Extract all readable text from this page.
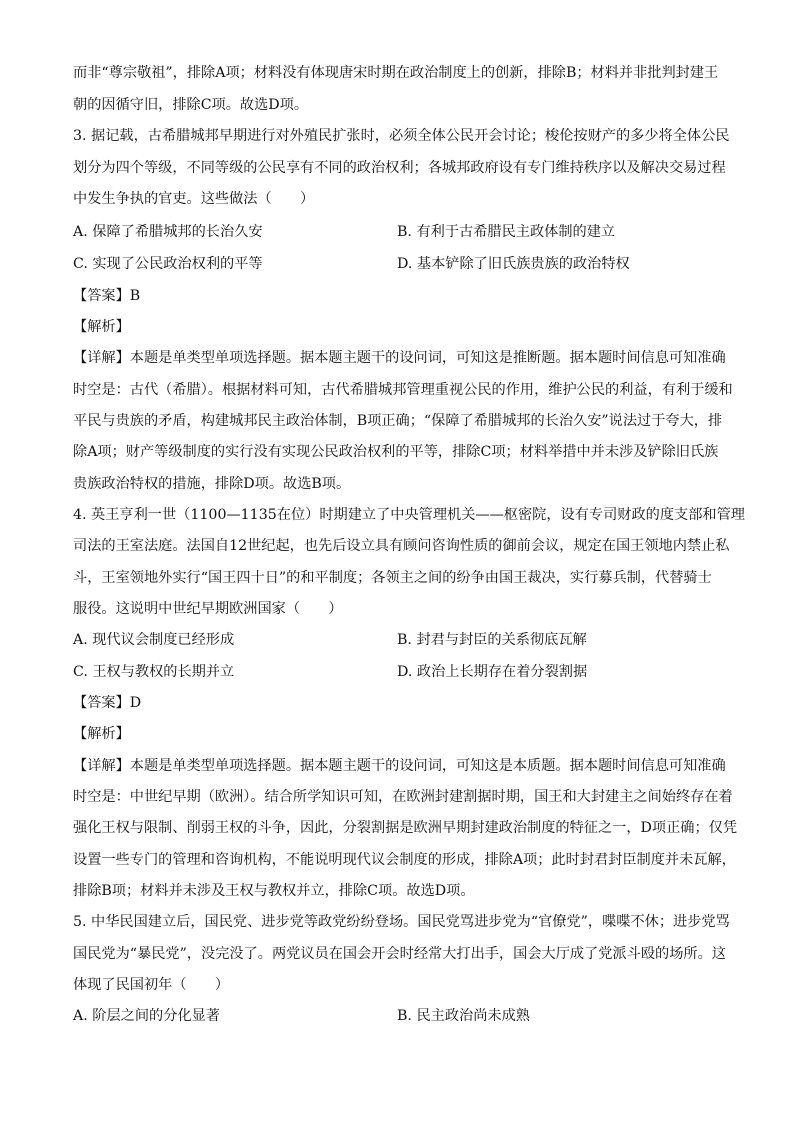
而非“尊宗敬祖”，排除A项；材料没有体现唐宋时期在政治制度上的创新，排除B；材料并非批判封建王
朝的因循守旧，排除C项。故选D项。
3. 据记载，古希腊城邦早期进行对外殖民扩张时，必须全体公民开会讨论；梭伦按财产的多少将全体公民
划分为四个等级，不同等级的公民享有不同的政治权利；各城邦政府设有专门维持秩序以及解决交易过程
中发生争执的官吏。这些做法（　　）
A. 保障了希腊城邦的长治久安	B. 有利于古希腊民主政体制的建立
C. 实现了公民政治权利的平等	D. 基本铲除了旧氏族贵族的政治特权
【答案】B
【解析】
【详解】本题是单类型单项选择题。据本题主题干的设问词，可知这是推断题。据本题时间信息可知准确
时空是：古代（希腊）。根据材料可知，古代希腊城邦管理重视公民的作用，维护公民的利益，有利于缓和
平民与贵族的矛盾，构建城邦民主政治体制，B项正确；“保障了希腊城邦的长治久安”说法过于夸大，排
除A项；财产等级制度的实行没有实现公民政治权利的平等，排除C项；材料举措中并未涉及铲除旧氏族
贵族政治特权的措施，排除D项。故选B项。
4. 英王亨利一世（1100—1135在位）时期建立了中央管理机关——枢密院，设有专司财政的度支部和管理
司法的王室法庭。法国自12世纪起，也先后设立具有顾问咨询性质的御前会议，规定在国王领地内禁止私
斗，王室领地外实行“国王四十日”的和平制度；各领主之间的纷争由国王裁决，实行募兵制，代替骑士
服役。这说明中世纪早期欧洲国家（　　）
A. 现代议会制度已经形成	B. 封君与封臣的关系彻底瓦解
C. 王权与教权的长期并立	D. 政治上长期存在着分裂割据
【答案】D
【解析】
【详解】本题是单类型单项选择题。据本题主题干的设问词，可知这是本质题。据本题时间信息可知准确
时空是：中世纪早期（欧洲）。结合所学知识可知，在欧洲封建割据时期，国王和大封建主之间始终存在着
强化王权与限制、削弱王权的斗争，因此，分裂割据是欧洲早期封建政治制度的特征之一，D项正确；仅凭
设置一些专门的管理和咨询机构，不能说明现代议会制度的形成，排除A项；此时封君封臣制度并未瓦解，
排除B项；材料并未涉及王权与教权并立，排除C项。故选D项。
5. 中华民国建立后，国民党、进步党等政党纷纷登场。国民党骂进步党为“官僚党”，喋喋不休；进步党骂
国民党为“暴民党”，没完没了。两党议员在国会开会时经常大打出手，国会大厅成了党派斗殴的场所。这
体现了民国初年（　　）
A. 阶层之间的分化显著	B. 民主政治尚未成熟
